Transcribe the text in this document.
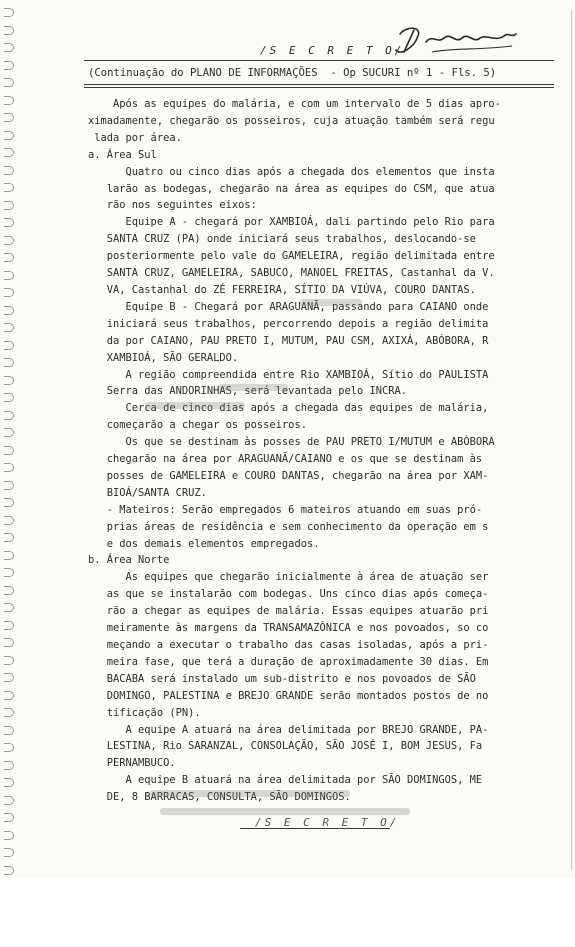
/S E C R E T O/
(Continuação do PLANO DE INFORMAÇÕES  - Op SUCURI nº 1 - Fls. 5)
Após as equipes do malária, e com um intervalo de 5 dias apro-
ximadamente, chegarão os posseiros, cuja atuação também será regu
lada por área.
a. Área Sul
Quatro ou cinco dias após a chegada dos elementos que insta
larão as bodegas, chegarão na área as equipes do CSM, que atua
rão nos seguintes eixos:
Equipe A - chegará por XAMBIOÁ, dali partindo pelo Rio para
SANTA CRUZ (PA) onde iniciará seus trabalhos, deslocando-se
posteriormente pelo vale do GAMELEIRA, região delimitada entre
SANTA CRUZ, GAMELEIRA, SABUCO, MANOEL FREITAS, Castanhal da V.
VA, Castanhal do ZÉ FERREIRA, SÍTIO DA VIÚVA, COURO DANTAS.
Equipe B - Chegará por ARAGUANÃ, passando para CAIANO onde
iniciará seus trabalhos, percorrendo depois a região delimita
da por CAIANO, PAU PRETO I, MUTUM, PAU CSM, AXIXÁ, ABÓBORA, R
XAMBIOÁ, SÃO GERALDO.
A região compreendida entre Rio XAMBIOÁ, Sítio do PAULISTA
Serra das ANDORINHAS, será levantada pelo INCRA.
Cerca de cinco dias após a chegada das equipes de malária,
começarão a chegar os posseiros.
Os que se destinam às posses de PAU PRETO I/MUTUM e ABÓBORA
chegarão na área por ARAGUANÃ/CAIANO e os que se destinam às
posses de GAMELEIRA e COURO DANTAS, chegarão na área por XAM-
BIOÁ/SANTA CRUZ.
- Mateiros: Serão empregados 6 mateiros atuando em suas pró-
prias áreas de residência e sem conhecimento da operação em s
e dos demais elementos empregados.
b. Área Norte
As equipes que chegarão inicialmente à área de atuação ser
as que se instalarão com bodegas. Uns cinco dias após começa-
rão a chegar as equipes de malária. Essas equipes atuarão pri
meiramente às margens da TRANSAMAZÔNICA e nos povoados, so co
meçando a executar o trabalho das casas isoladas, após a pri-
meira fase, que terá a duração de aproximadamente 30 dias. Em
BACABA será instalado um sub-distrito e nos povoados de SÃO
DOMINGO, PALESTINA e BREJO GRANDE serão montados postos de no
tificação (PN).
A equipe A atuará na área delimitada por BREJO GRANDE, PA-
LESTINA, Rio SARANZAL, CONSOLAÇÃO, SÃO JOSÉ I, BOM JESUS, Fa
PERNAMBUCO.
A equipe B atuará na área delimitada por SÃO DOMINGOS, ME
DE, 8 BARRACAS, CONSULTA, SÃO DOMINGOS.
/S E C R E T O/
